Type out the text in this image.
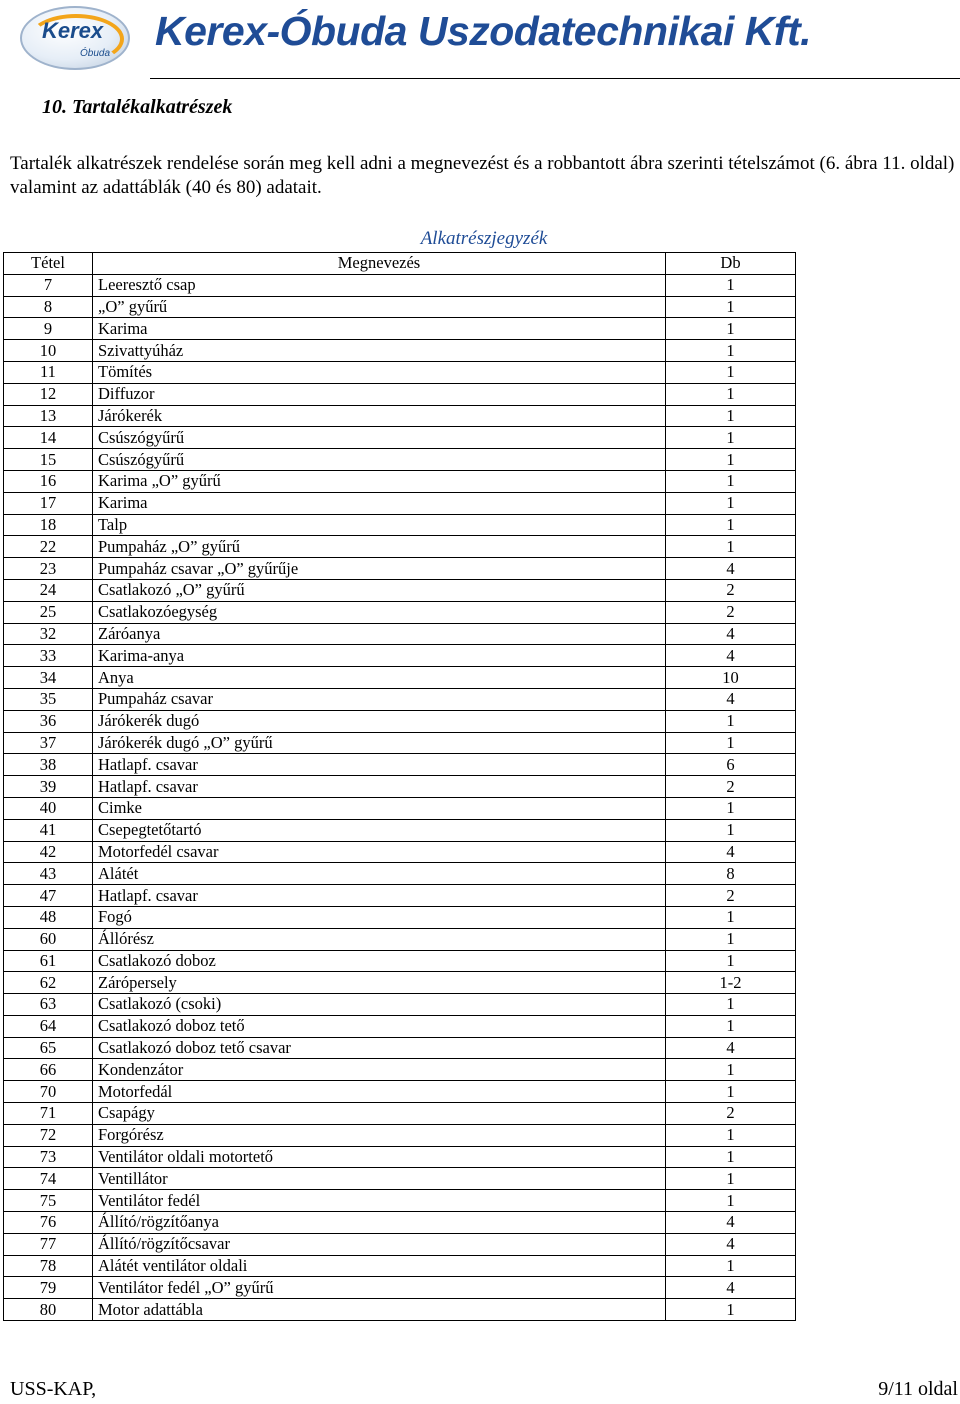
Kerex
Óbuda Kerex-Óbuda Uszodatechnikai Kft.
10. Tartalékalkatrészek
Tartalék alkatrészek rendelése során meg kell adni a megnevezést és a robbantott ábra szerinti tételszámot (6. ábra 11. oldal) valamint az adattáblák (40 és 80) adatait.
Alkatrészjegyzék
Tétel	Megnevezés	Db
7	Leeresztő csap	1
8	„O” gyűrű	1
9	Karima	1
10	Szivattyúház	1
11	Tömítés	1
12	Diffuzor	1
13	Járókerék	1
14	Csúszógyűrű	1
15	Csúszógyűrű	1
16	Karima „O” gyűrű	1
17	Karima	1
18	Talp	1
22	Pumpaház „O” gyűrű	1
23	Pumpaház csavar „O” gyűrűje	4
24	Csatlakozó „O” gyűrű	2
25	Csatlakozóegység	2
32	Záróanya	4
33	Karima-anya	4
34	Anya	10
35	Pumpaház csavar	4
36	Járókerék dugó	1
37	Járókerék dugó „O” gyűrű	1
38	Hatlapf. csavar	6
39	Hatlapf. csavar	2
40	Cimke	1
41	Csepegtetőtartó	1
42	Motorfedél csavar	4
43	Alátét	8
47	Hatlapf. csavar	2
48	Fogó	1
60	Állórész	1
61	Csatlakozó doboz	1
62	Zárópersely	1-2
63	Csatlakozó (csoki)	1
64	Csatlakozó doboz tető	1
65	Csatlakozó doboz tető csavar	4
66	Kondenzátor	1
70	Motorfedál	1
71	Csapágy	2
72	Forgórész	1
73	Ventilátor oldali motortető	1
74	Ventillátor	1
75	Ventilátor fedél	1
76	Állító/rögzítőanya	4
77	Állító/rögzítőcsavar	4
78	Alátét ventilátor oldali	1
79	Ventilátor fedél „O” gyűrű	4
80	Motor adattábla	1
USS-KAP,	9/11 oldal
